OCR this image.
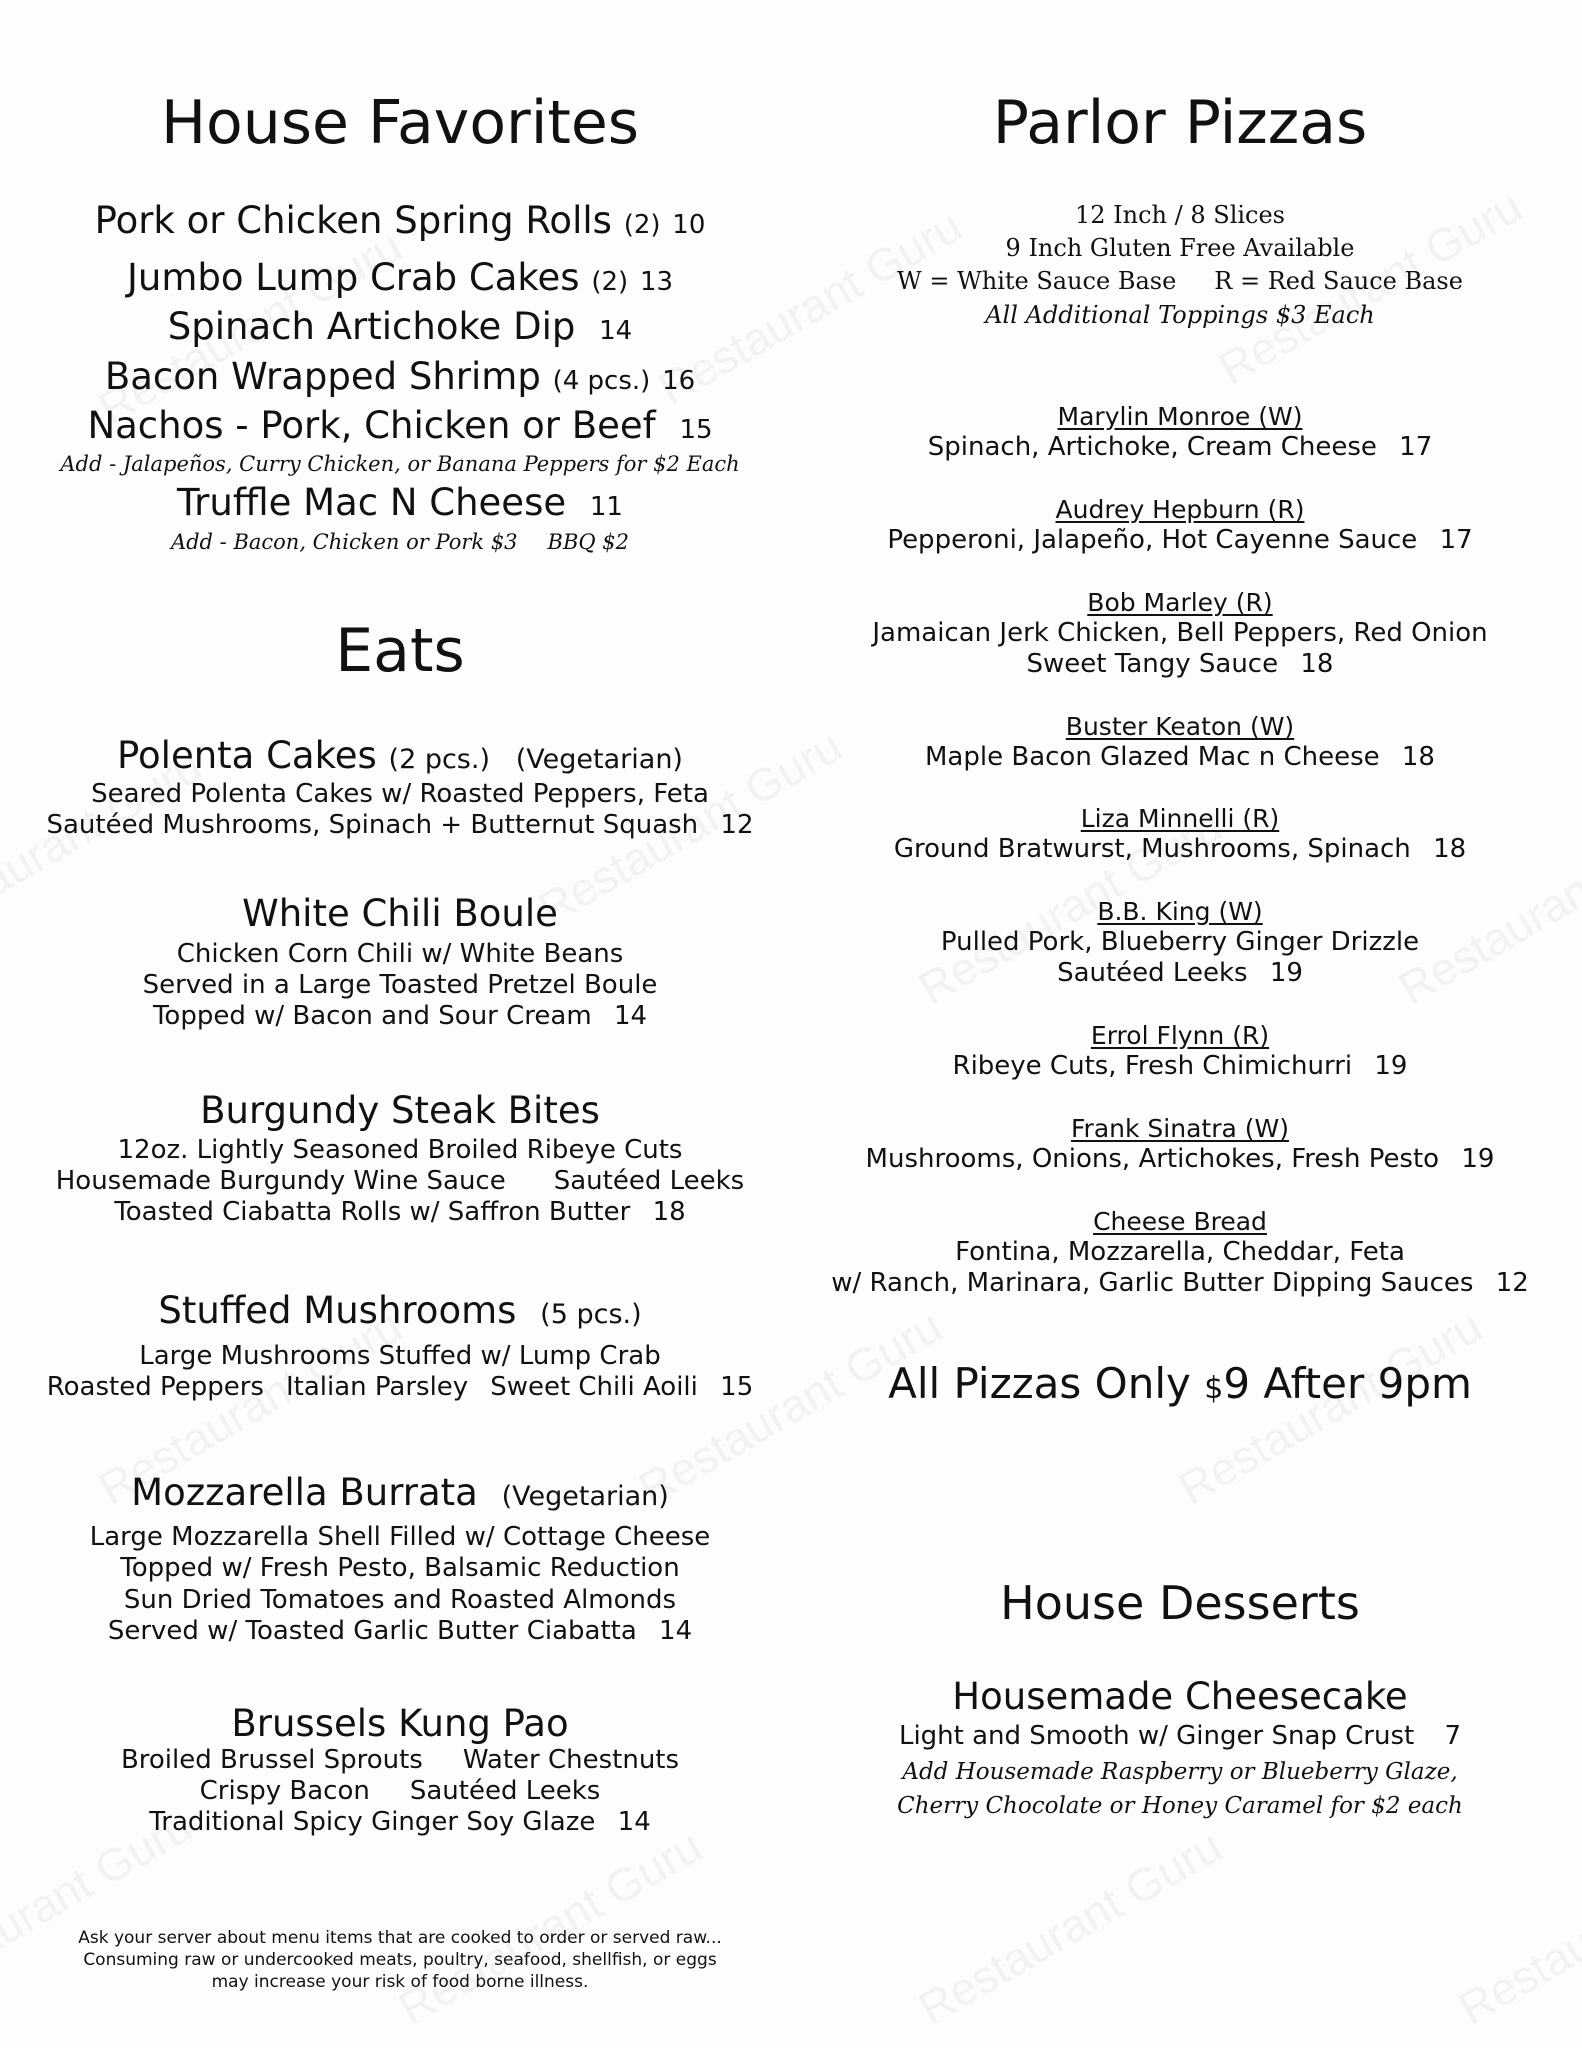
House Favorites
Pork or Chicken Spring Rolls (2) 10
Jumbo Lump Crab Cakes (2) 13
Spinach Artichoke Dip 14
Bacon Wrapped Shrimp (4 pcs.) 16
Nachos - Pork, Chicken or Beef 15
Add - Jalapeños, Curry Chicken, or Banana Peppers for $2 Each
Truffle Mac N Cheese 11
Add - Bacon, Chicken or Pork $3 BBQ $2
Eats
Polenta Cakes (2 pcs.) (Vegetarian)
Seared Polenta Cakes w/ Roasted Peppers, Feta
Sautéed Mushrooms, Spinach + Butternut Squash 12
White Chili Boule
Chicken Corn Chili w/ White Beans
Served in a Large Toasted Pretzel Boule
Topped w/ Bacon and Sour Cream 14
Burgundy Steak Bites
12oz. Lightly Seasoned Broiled Ribeye Cuts
Housemade Burgundy Wine Sauce Sautéed Leeks
Toasted Ciabatta Rolls w/ Saffron Butter 18
Stuffed Mushrooms (5 pcs.)
Large Mushrooms Stuffed w/ Lump Crab
Roasted Peppers Italian Parsley Sweet Chili Aoili 15
Mozzarella Burrata (Vegetarian)
Large Mozzarella Shell Filled w/ Cottage Cheese
Topped w/ Fresh Pesto, Balsamic Reduction
Sun Dried Tomatoes and Roasted Almonds
Served w/ Toasted Garlic Butter Ciabatta 14
Brussels Kung Pao
Broiled Brussel Sprouts Water Chestnuts
Crispy Bacon Sautéed Leeks
Traditional Spicy Ginger Soy Glaze 14
Ask your server about menu items that are cooked to order or served raw...
Consuming raw or undercooked meats, poultry, seafood, shellfish, or eggs
may increase your risk of food borne illness.
Parlor Pizzas
12 Inch / 8 Slices
9 Inch Gluten Free Available
W = White Sauce Base R = Red Sauce Base
All Additional Toppings $3 Each
Marylin Monroe (W)
Spinach, Artichoke, Cream Cheese 17
Audrey Hepburn (R)
Pepperoni, Jalapeño, Hot Cayenne Sauce 17
Bob Marley (R)
Jamaican Jerk Chicken, Bell Peppers, Red Onion
Sweet Tangy Sauce 18
Buster Keaton (W)
Maple Bacon Glazed Mac n Cheese 18
Liza Minnelli (R)
Ground Bratwurst, Mushrooms, Spinach 18
B.B. King (W)
Pulled Pork, Blueberry Ginger Drizzle
Sautéed Leeks 19
Errol Flynn (R)
Ribeye Cuts, Fresh Chimichurri 19
Frank Sinatra (W)
Mushrooms, Onions, Artichokes, Fresh Pesto 19
Cheese Bread
Fontina, Mozzarella, Cheddar, Feta
w/ Ranch, Marinara, Garlic Butter Dipping Sauces 12
All Pizzas Only $9 After 9pm
House Desserts
Housemade Cheesecake
Light and Smooth w/ Ginger Snap Crust 7
Add Housemade Raspberry or Blueberry Glaze,
Cherry Chocolate or Honey Caramel for $2 each
